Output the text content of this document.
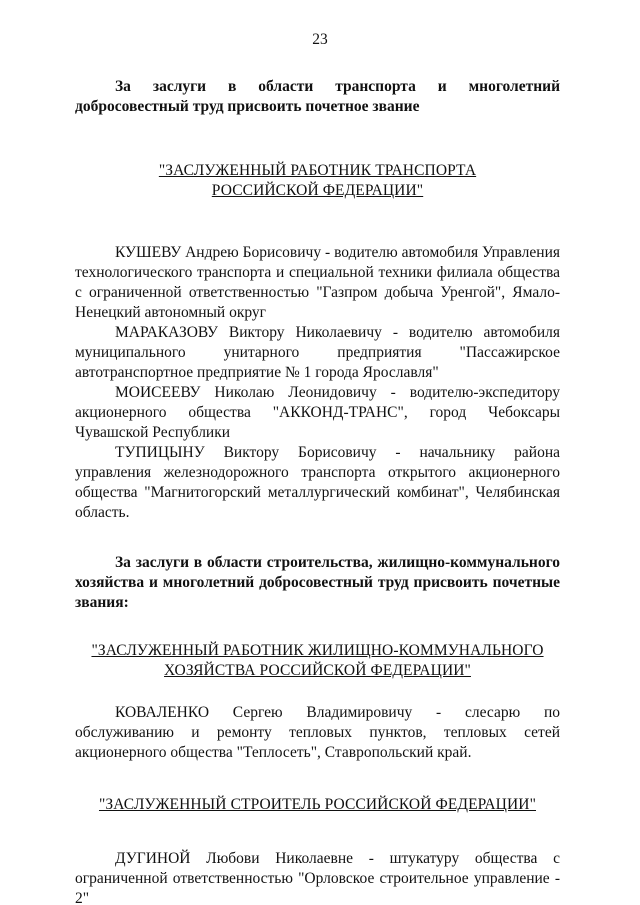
23

За заслуги в области транспорта и многолетний добросовестный труд присвоить почетное звание

"ЗАСЛУЖЕННЫЙ РАБОТНИК ТРАНСПОРТА
РОССИЙСКОЙ ФЕДЕРАЦИИ"

КУШЕВУ Андрею Борисовичу - водителю автомобиля Управления технологического транспорта и специальной техники филиала общества с ограниченной ответственностью "Газпром добыча Уренгой", Ямало-Ненецкий автономный округ

МАРАКАЗОВУ Виктору Николаевичу - водителю автомобиля муниципального унитарного предприятия "Пассажирское автотранспортное предприятие № 1 города Ярославля"

МОИСЕЕВУ Николаю Леонидовичу - водителю-экспедитору акционерного общества "АККОНД-ТРАНС", город Чебоксары Чувашской Республики

ТУПИЦЫНУ Виктору Борисовичу - начальнику района управления железнодорожного транспорта открытого акционерного общества "Магнитогорский металлургический комбинат", Челябинская область.

За заслуги в области строительства, жилищно-коммунального хозяйства и многолетний добросовестный труд присвоить почетные звания:

"ЗАСЛУЖЕННЫЙ РАБОТНИК ЖИЛИЩНО-КОММУНАЛЬНОГО
ХОЗЯЙСТВА РОССИЙСКОЙ ФЕДЕРАЦИИ"

КОВАЛЕНКО Сергею Владимировичу - слесарю по обслуживанию и ремонту тепловых пунктов, тепловых сетей акционерного общества "Теплосеть", Ставропольский край.

"ЗАСЛУЖЕННЫЙ СТРОИТЕЛЬ РОССИЙСКОЙ ФЕДЕРАЦИИ"

ДУГИНОЙ Любови Николаевне - штукатуру общества с ограниченной ответственностью "Орловское строительное управление - 2"
